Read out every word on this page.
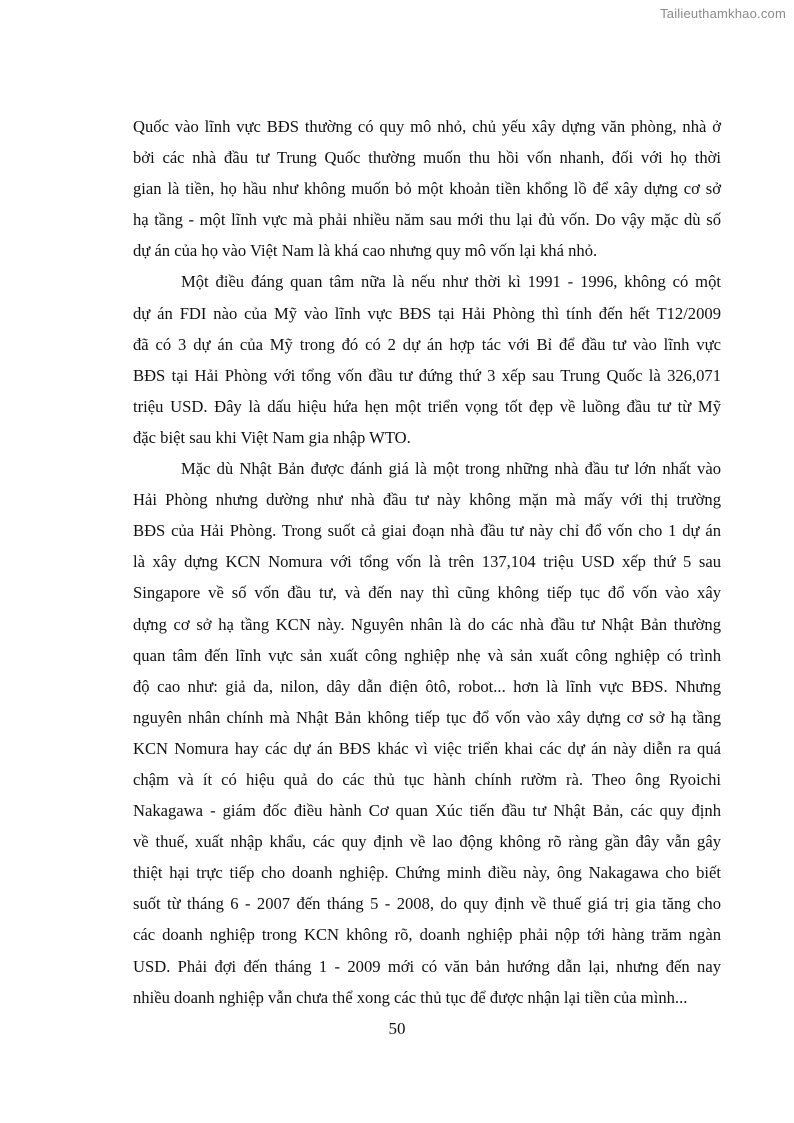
Tailieuthamkhao.com
Quốc vào lĩnh vực BĐS thường có quy mô nhỏ, chủ yếu xây dựng văn phòng, nhà ở
bởi các nhà đầu tư Trung Quốc thường muốn thu hồi vốn nhanh, đối với họ thời
gian là tiền, họ hầu như không muốn bỏ một khoản tiền khổng lồ để xây dựng cơ sở
hạ tầng - một lĩnh vực mà phải nhiều năm sau mới thu lại đủ vốn. Do vậy mặc dù số
dự án của họ vào Việt Nam là khá cao nhưng quy mô vốn lại khá nhỏ.
Một điều đáng quan tâm nữa là nếu như thời kì 1991 - 1996, không có một
dự án FDI nào của Mỹ vào lĩnh vực BĐS tại Hải Phòng thì tính đến hết T12/2009
đã có 3 dự án của Mỹ trong đó có 2 dự án hợp tác với Bỉ để đầu tư vào lĩnh vực
BĐS tại Hải Phòng với tổng vốn đầu tư đứng thứ 3 xếp sau Trung Quốc là 326,071
triệu USD. Đây là dấu hiệu hứa hẹn một triển vọng tốt đẹp về luồng đầu tư từ Mỹ
đặc biệt sau khi Việt Nam gia nhập WTO.
Mặc dù Nhật Bản được đánh giá là một trong những nhà đầu tư lớn nhất vào
Hải Phòng nhưng dường như nhà đầu tư này không mặn mà mấy với thị trường
BĐS của Hải Phòng. Trong suốt cả giai đoạn nhà đầu tư này chỉ đổ vốn cho 1 dự án
là xây dựng KCN Nomura với tổng vốn là trên 137,104 triệu USD xếp thứ 5 sau
Singapore về số vốn đầu tư, và đến nay thì cũng không tiếp tục đổ vốn vào xây
dựng cơ sở hạ tầng KCN này. Nguyên nhân là do các nhà đầu tư Nhật Bản thường
quan tâm đến lĩnh vực sản xuất công nghiệp nhẹ và sản xuất công nghiệp có trình
độ cao như: giả da, nilon, dây dẫn điện ôtô, robot... hơn là lĩnh vực BĐS. Nhưng
nguyên nhân chính mà Nhật Bản không tiếp tục đổ vốn vào xây dựng cơ sở hạ tầng
KCN Nomura hay các dự án BĐS khác vì việc triển khai các dự án này diễn ra quá
chậm và ít có hiệu quả do các thủ tục hành chính rườm rà. Theo ông Ryoichi
Nakagawa - giám đốc điều hành Cơ quan Xúc tiến đầu tư Nhật Bản, các quy định
về thuế, xuất nhập khẩu, các quy định về lao động không rõ ràng gần đây vẫn gây
thiệt hại trực tiếp cho doanh nghiệp. Chứng minh điều này, ông Nakagawa cho biết
suốt từ tháng 6 - 2007 đến tháng 5 - 2008, do quy định về thuế giá trị gia tăng cho
các doanh nghiệp trong KCN không rõ, doanh nghiệp phải nộp tới hàng trăm ngàn
USD. Phải đợi đến tháng 1 - 2009 mới có văn bản hướng dẫn lại, nhưng đến nay
nhiều doanh nghiệp vẫn chưa thể xong các thủ tục để được nhận lại tiền của mình...
50
